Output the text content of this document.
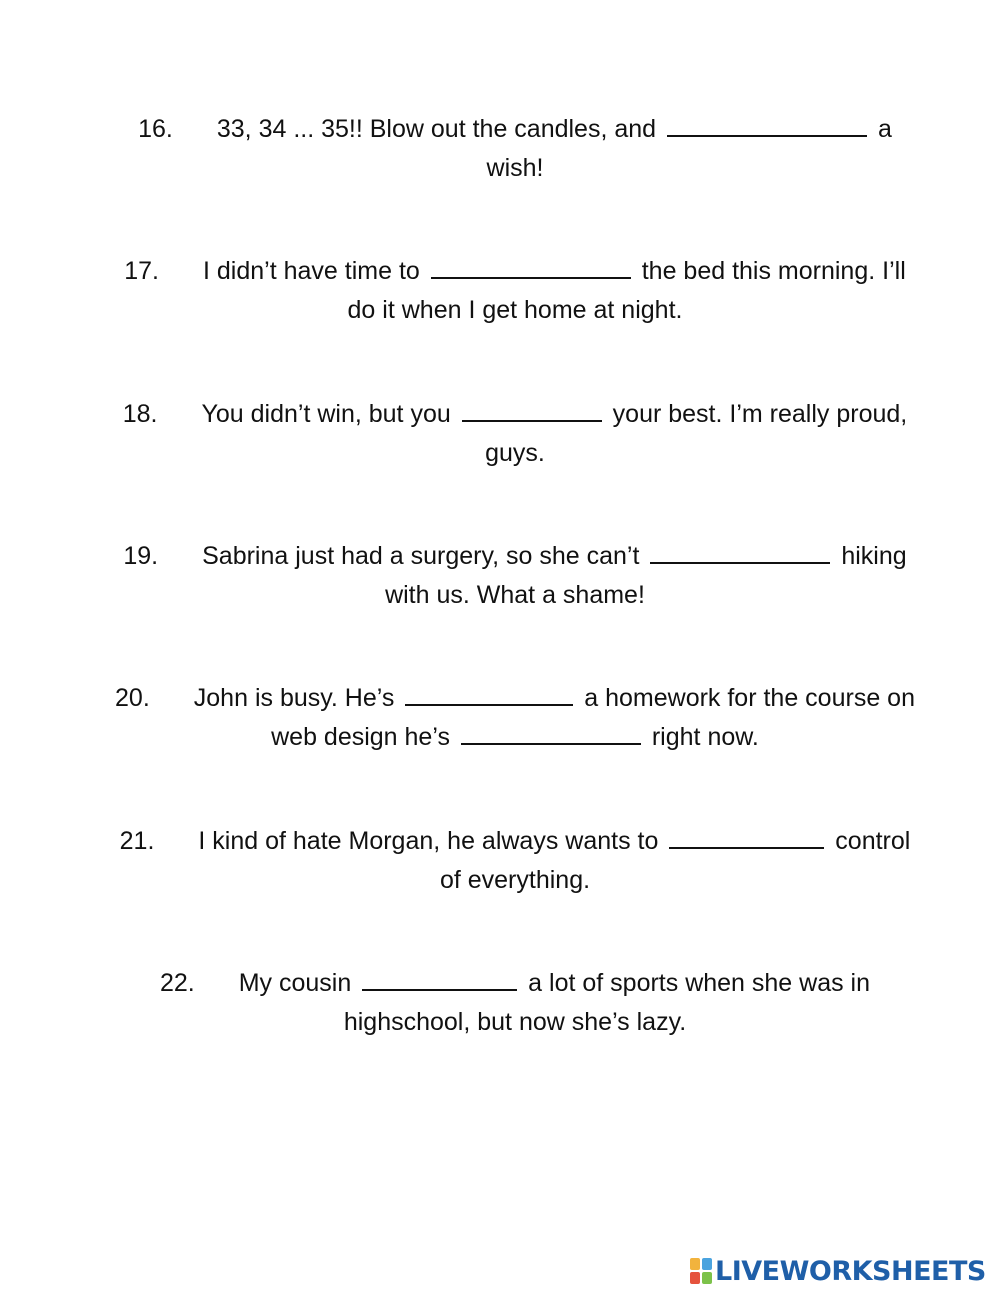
16. 33, 34 ... 35!! Blow out the candles, and	a
wish!
17. I didn’t have time to	the bed this morning. I’ll
do it when I get home at night.
18. You didn’t win, but you	your best. I’m really proud,
guys.
19. Sabrina just had a surgery, so she can’t	hiking
with us. What a shame!
20. John is busy. He’s	a homework for the course on
web design he’s	right now.
21. I kind of hate Morgan, he always wants to	control
of everything.
22. My cousin	a lot of sports when she was in
highschool, but now she’s lazy.
LIVEWORKSHEETS
